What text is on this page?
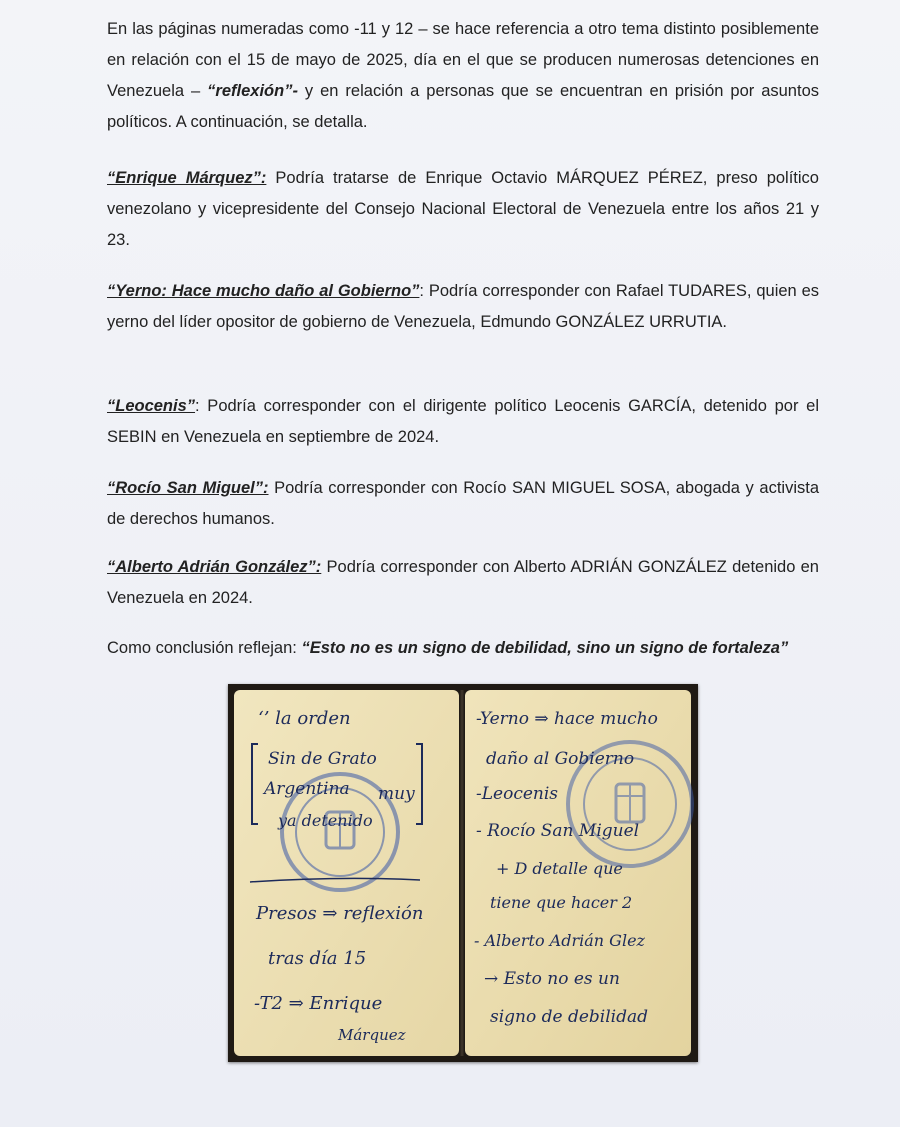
En las páginas numeradas como -11 y 12 – se hace referencia a otro tema distinto posiblemente en relación con el 15 de mayo de 2025, día en el que se producen numerosas detenciones en Venezuela – “reflexión”- y en relación a personas que se encuentran en prisión por asuntos políticos. A continuación, se detalla.

“Enrique Márquez”: Podría tratarse de Enrique Octavio MÁRQUEZ PÉREZ, preso político venezolano y vicepresidente del Consejo Nacional Electoral de Venezuela entre los años 21 y 23.

“Yerno: Hace mucho daño al Gobierno”: Podría corresponder con Rafael TUDARES, quien es yerno del líder opositor de gobierno de Venezuela, Edmundo GONZÁLEZ URRUTIA.

“Leocenis”: Podría corresponder con el dirigente político Leocenis GARCÍA, detenido por el SEBIN en Venezuela en septiembre de 2024.

“Rocío San Miguel”: Podría corresponder con Rocío SAN MIGUEL SOSA, abogada y activista de derechos humanos.

“Alberto Adrián González”: Podría corresponder con Alberto ADRIÁN GONZÁLEZ detenido en Venezuela en 2024.

Como conclusión reflejan: “Esto no es un signo de debilidad, sino un signo de fortaleza”

‘’ la orden
Sin de Grato
Argentina muy
ya detenido
Presos ⇒ reflexión
tras día 15
-T2 ⇒ Enrique
Márquez
-Yerno ⇒ hace mucho
daño al Gobierno
-Leocenis
- Rocío San Miguel
+ D detalle que
tiene que hacer 2
- Alberto Adrián Glez
→ Esto no es un
signo de debilidad
